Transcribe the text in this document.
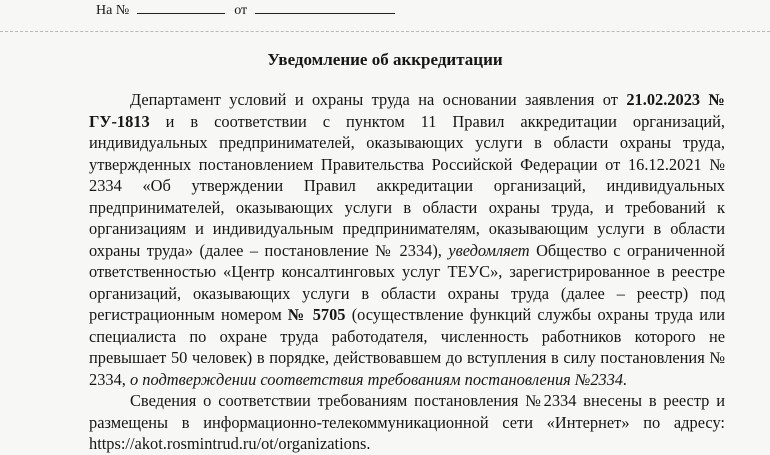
На №	от
Уведомление об аккредитации

Департамент условий и охраны труда на основании заявления от 21.02.2023 № ГУ-1813 и в соответствии с пунктом 11 Правил аккредитации организаций, индивидуальных предпринимателей, оказывающих услуги в области охраны труда, утвержденных постановлением Правительства Российской Федерации от 16.12.2021 № 2334 «Об утверждении Правил аккредитации организаций, индивидуальных предпринимателей, оказывающих услуги в области охраны труда, и требований к организациям и индивидуальным предпринимателям, оказывающим услуги в области охраны труда» (далее – постановление № 2334), уведомляет Общество с ограниченной ответственностью «Центр консалтинговых услуг ТЕУС», зарегистрированное в реестре организаций, оказывающих услуги в области охраны труда (далее – реестр) под регистрационным номером № 5705 (осуществление функций службы охраны труда или специалиста по охране труда работодателя, численность работников которого не превышает 50 человек) в порядке, действовавшем до вступления в силу постановления № 2334, о подтверждении соответствия требованиям постановления №2334.

Сведения о соответствии требованиям постановления №2334 внесены в реестр и размещены в информационно-телекоммуникационной сети «Интернет» по адресу: https://akot.rosmintrud.ru/ot/organizations.
